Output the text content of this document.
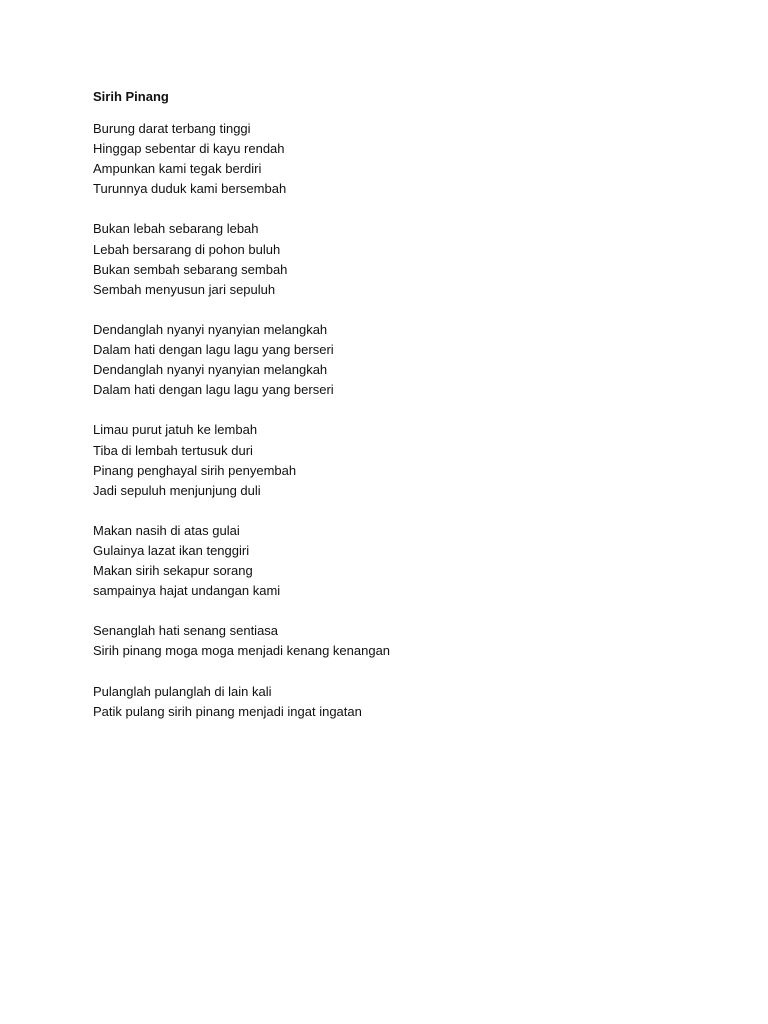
Sirih Pinang
Burung darat terbang tinggi
Hinggap sebentar di kayu rendah
Ampunkan kami tegak berdiri
Turunnya duduk kami bersembah
Bukan lebah sebarang lebah
Lebah bersarang di pohon buluh
Bukan sembah sebarang sembah
Sembah menyusun jari sepuluh
Dendanglah nyanyi nyanyian melangkah
Dalam hati dengan lagu lagu yang berseri
Dendanglah nyanyi nyanyian melangkah
Dalam hati dengan lagu lagu yang berseri
Limau purut jatuh ke lembah
Tiba di lembah tertusuk duri
Pinang penghayal sirih penyembah
Jadi sepuluh menjunjung duli
Makan nasih di atas gulai
Gulainya lazat ikan tenggiri
Makan sirih sekapur sorang
sampainya hajat undangan kami
Senanglah hati senang sentiasa
Sirih pinang moga moga menjadi kenang kenangan
Pulanglah pulanglah di lain kali
Patik pulang sirih pinang menjadi ingat ingatan
